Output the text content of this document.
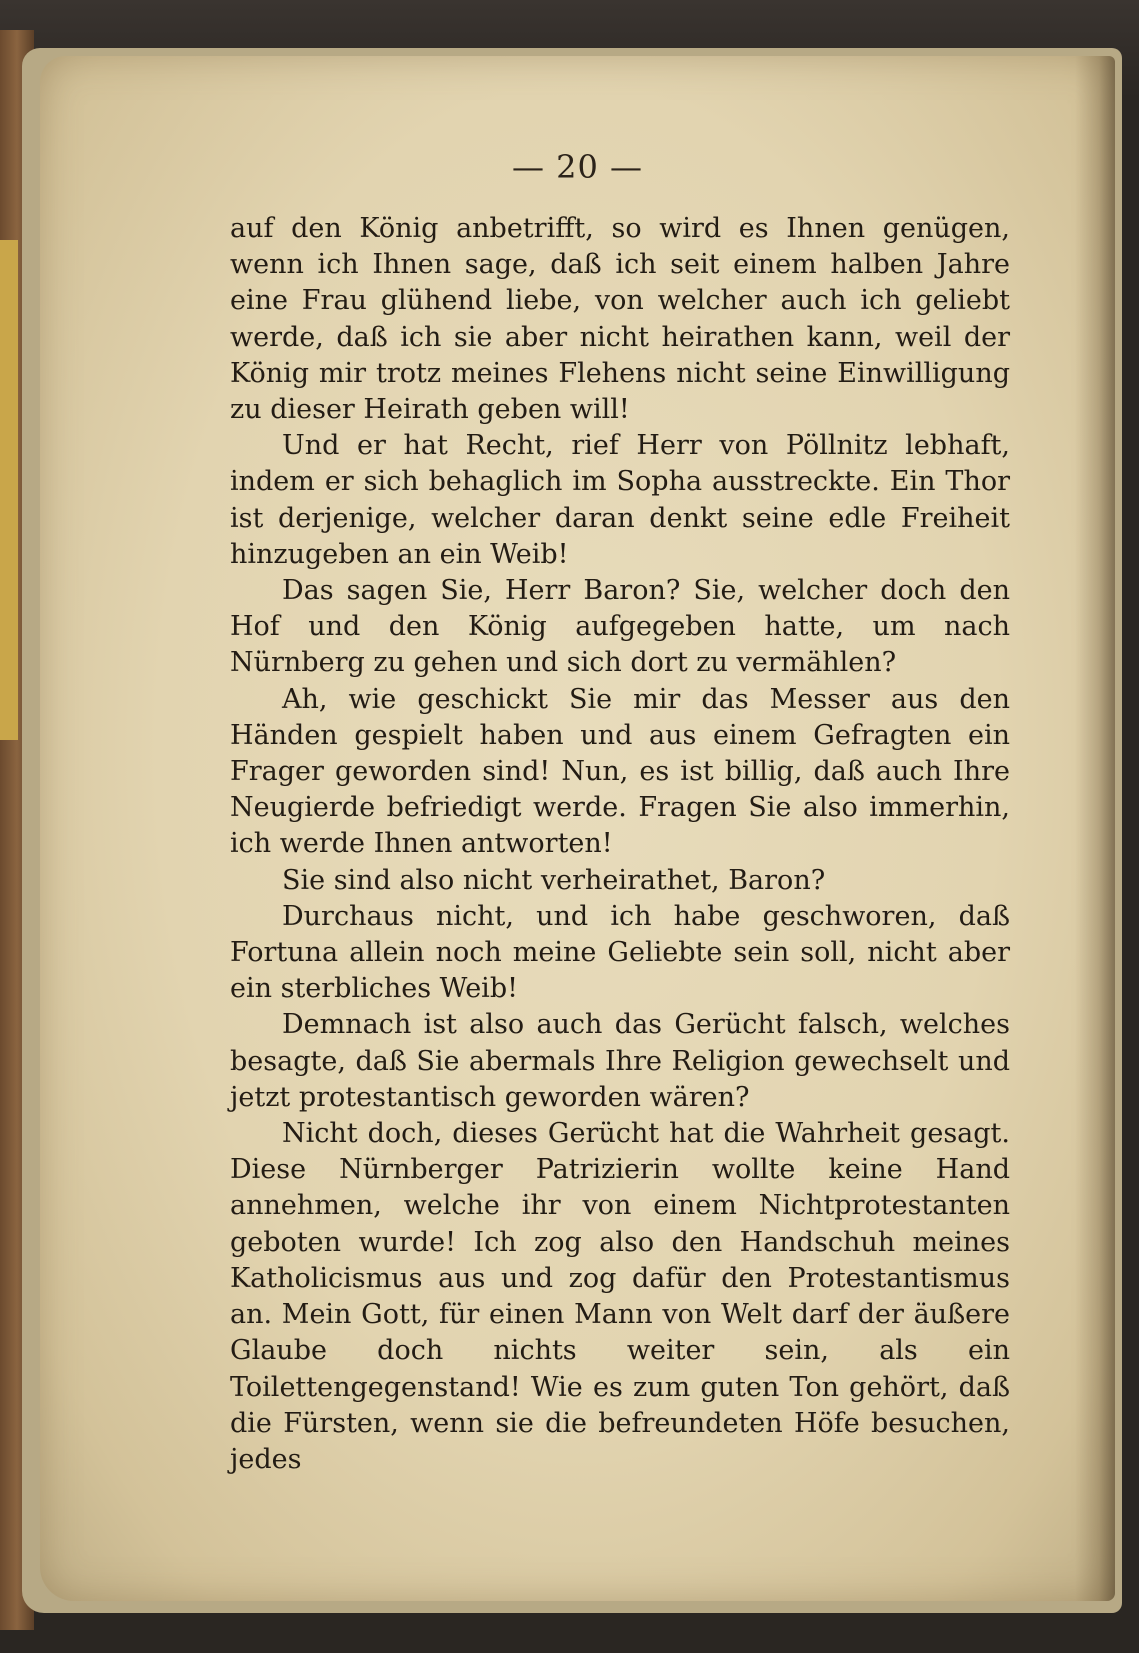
— 20 —

auf den König anbetrifft, so wird es Ihnen genügen, wenn ich Ihnen sage, daß ich seit einem halben Jahre eine Frau glühend liebe, von welcher auch ich geliebt werde, daß ich sie aber nicht heirathen kann, weil der König mir trotz meines Flehens nicht seine Einwilligung zu dieser Heirath geben will!

Und er hat Recht, rief Herr von Pöllnitz lebhaft, indem er sich behaglich im Sopha ausstreckte. Ein Thor ist derjenige, welcher daran denkt seine edle Freiheit hinzugeben an ein Weib!

Das sagen Sie, Herr Baron? Sie, welcher doch den Hof und den König aufgegeben hatte, um nach Nürnberg zu gehen und sich dort zu vermählen?

Ah, wie geschickt Sie mir das Messer aus den Händen gespielt haben und aus einem Gefragten ein Frager geworden sind! Nun, es ist billig, daß auch Ihre Neugierde befriedigt werde. Fragen Sie also immerhin, ich werde Ihnen antworten!

Sie sind also nicht verheirathet, Baron?

Durchaus nicht, und ich habe geschworen, daß Fortuna allein noch meine Geliebte sein soll, nicht aber ein sterbliches Weib!

Demnach ist also auch das Gerücht falsch, welches besagte, daß Sie abermals Ihre Religion gewechselt und jetzt protestantisch geworden wären?

Nicht doch, dieses Gerücht hat die Wahrheit gesagt. Diese Nürnberger Patrizierin wollte keine Hand annehmen, welche ihr von einem Nichtprotestanten geboten wurde! Ich zog also den Handschuh meines Katholicismus aus und zog dafür den Protestantismus an. Mein Gott, für einen Mann von Welt darf der äußere Glaube doch nichts weiter sein, als ein Toilettengegenstand! Wie es zum guten Ton gehört, daß die Fürsten, wenn sie die befreundeten Höfe besuchen, jedes
